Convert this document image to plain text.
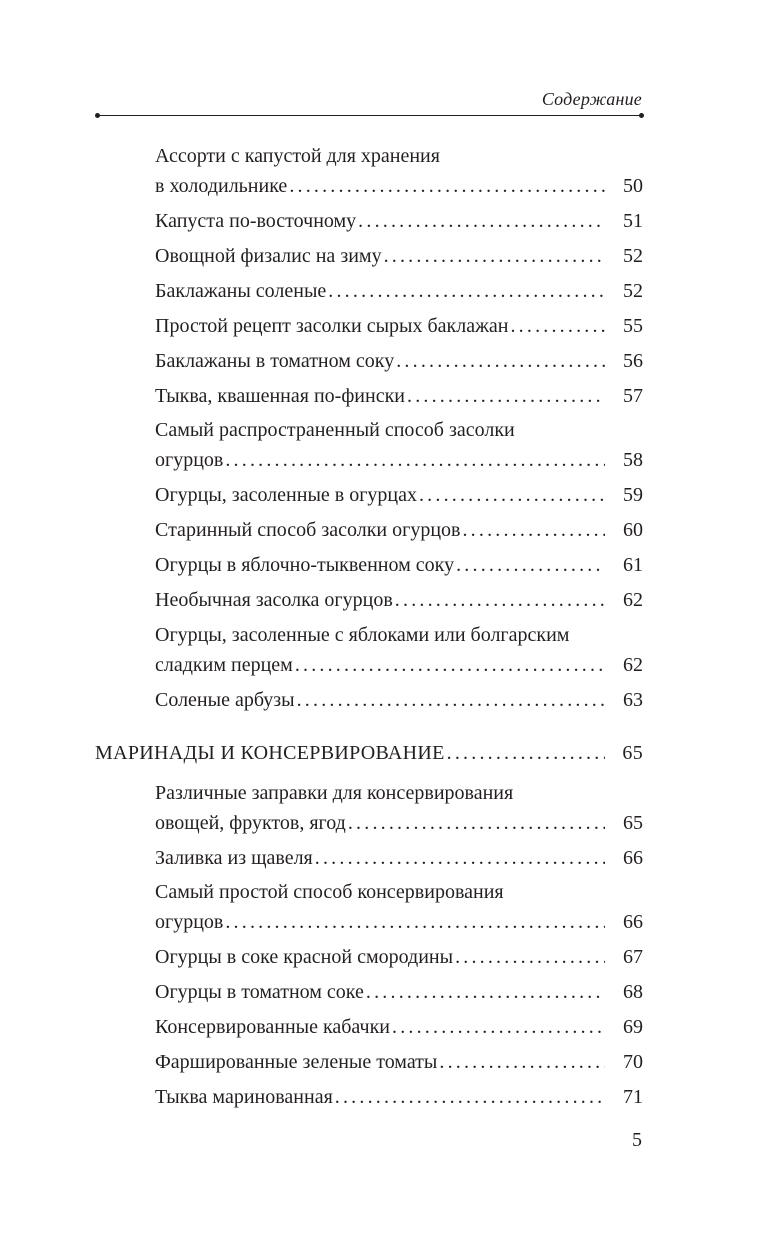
Содержание
Ассорти с капустой для хранения
в холодильнике .....	50
Капуста по-восточному .....	51
Овощной физалис на зиму .....	52
Баклажаны соленые .....	52
Простой рецепт засолки сырых баклажан .....	55
Баклажаны в томатном соку .....	56
Тыква, квашенная по-фински .....	57
Самый распространенный способ засолки
огурцов .....	58
Огурцы, засоленные в огурцах .....	59
Старинный способ засолки огурцов .....	60
Огурцы в яблочно-тыквенном соку .....	61
Необычная засолка огурцов .....	62
Огурцы, засоленные с яблоками или болгарским
сладким перцем .....	62
Соленые арбузы .....	63
МАРИНАДЫ И КОНСЕРВИРОВАНИЕ .....	65
Различные заправки для консервирования
овощей, фруктов, ягод .....	65
Заливка из щавеля .....	66
Самый простой способ консервирования
огурцов .....	66
Огурцы в соке красной смородины .....	67
Огурцы в томатном соке .....	68
Консервированные кабачки .....	69
Фаршированные зеленые томаты .....	70
Тыква маринованная .....	71
5
